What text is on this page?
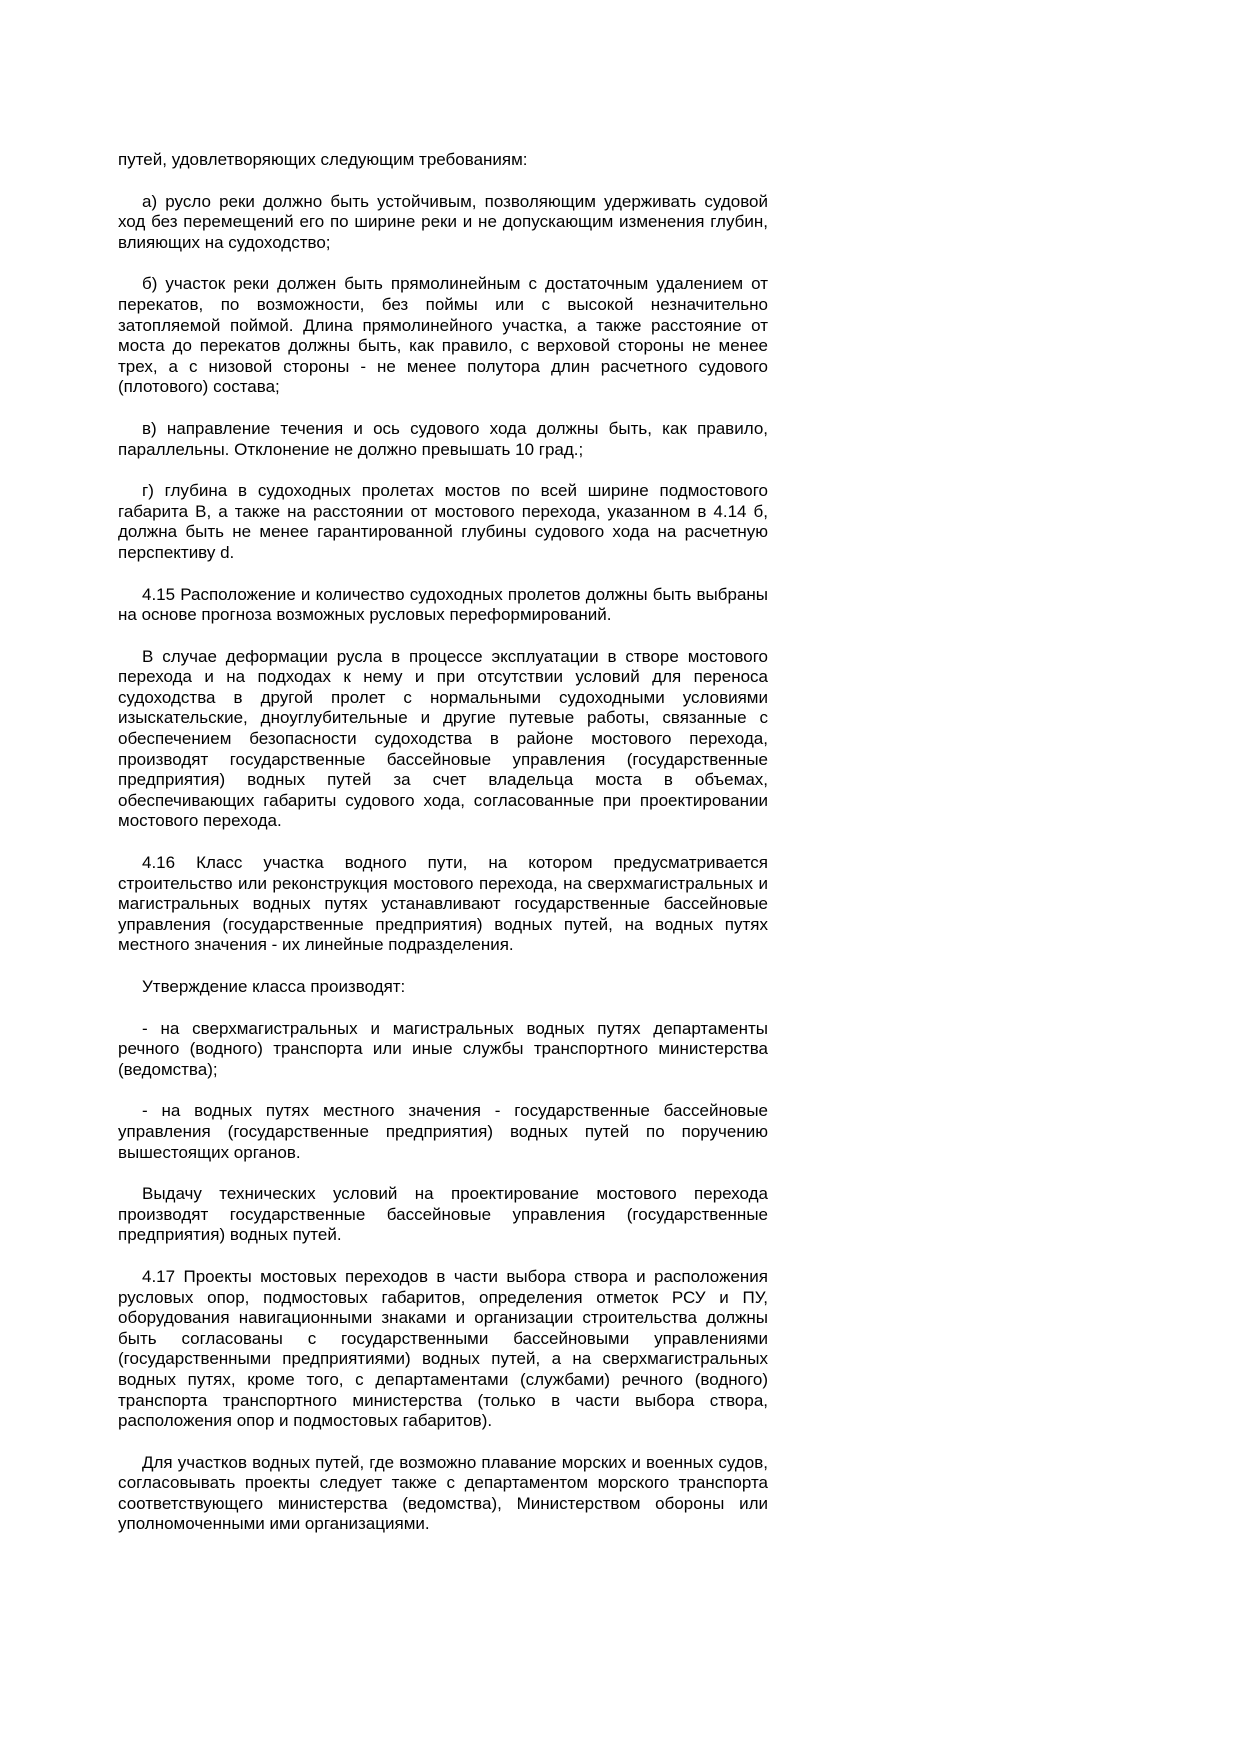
путей, удовлетворяющих следующим требованиям:

а) русло реки должно быть устойчивым, позволяющим удерживать судовой ход без перемещений его по ширине реки и не допускающим изменения глубин, влияющих на судоходство;

б) участок реки должен быть прямолинейным с достаточным удалением от перекатов, по возможности, без поймы или с высокой незначительно затопляемой поймой. Длина прямолинейного участка, а также расстояние от моста до перекатов должны быть, как правило, с верховой стороны не менее трех, а с низовой стороны - не менее полутора длин расчетного судового (плотового) состава;

в) направление течения и ось судового хода должны быть, как правило, параллельны. Отклонение не должно превышать 10 град.;

г) глубина в судоходных пролетах мостов по всей ширине подмостового габарита B, а также на расстоянии от мостового перехода, указанном в 4.14 б, должна быть не менее гарантированной глубины судового хода на расчетную перспективу d.

4.15 Расположение и количество судоходных пролетов должны быть выбраны на основе прогноза возможных русловых переформирований.

В случае деформации русла в процессе эксплуатации в створе мостового перехода и на подходах к нему и при отсутствии условий для переноса судоходства в другой пролет с нормальными судоходными условиями изыскательские, дноуглубительные и другие путевые работы, связанные с обеспечением безопасности судоходства в районе мостового перехода, производят государственные бассейновые управления (государственные предприятия) водных путей за счет владельца моста в объемах, обеспечивающих габариты судового хода, согласованные при проектировании мостового перехода.

4.16 Класс участка водного пути, на котором предусматривается строительство или реконструкция мостового перехода, на сверхмагистральных и магистральных водных путях устанавливают государственные бассейновые управления (государственные предприятия) водных путей, на водных путях местного значения - их линейные подразделения.

Утверждение класса производят:

- на сверхмагистральных и магистральных водных путях департаменты речного (водного) транспорта или иные службы транспортного министерства (ведомства);

- на водных путях местного значения - государственные бассейновые управления (государственные предприятия) водных путей по поручению вышестоящих органов.

Выдачу технических условий на проектирование мостового перехода производят государственные бассейновые управления (государственные предприятия) водных путей.

4.17 Проекты мостовых переходов в части выбора створа и расположения русловых опор, подмостовых габаритов, определения отметок РСУ и ПУ, оборудования навигационными знаками и организации строительства должны быть согласованы с государственными бассейновыми управлениями (государственными предприятиями) водных путей, а на сверхмагистральных водных путях, кроме того, с департаментами (службами) речного (водного) транспорта транспортного министерства (только в части выбора створа, расположения опор и подмостовых габаритов).

Для участков водных путей, где возможно плавание морских и военных судов, согласовывать проекты следует также с департаментом морского транспорта соответствующего министерства (ведомства), Министерством обороны или уполномоченными ими организациями.
